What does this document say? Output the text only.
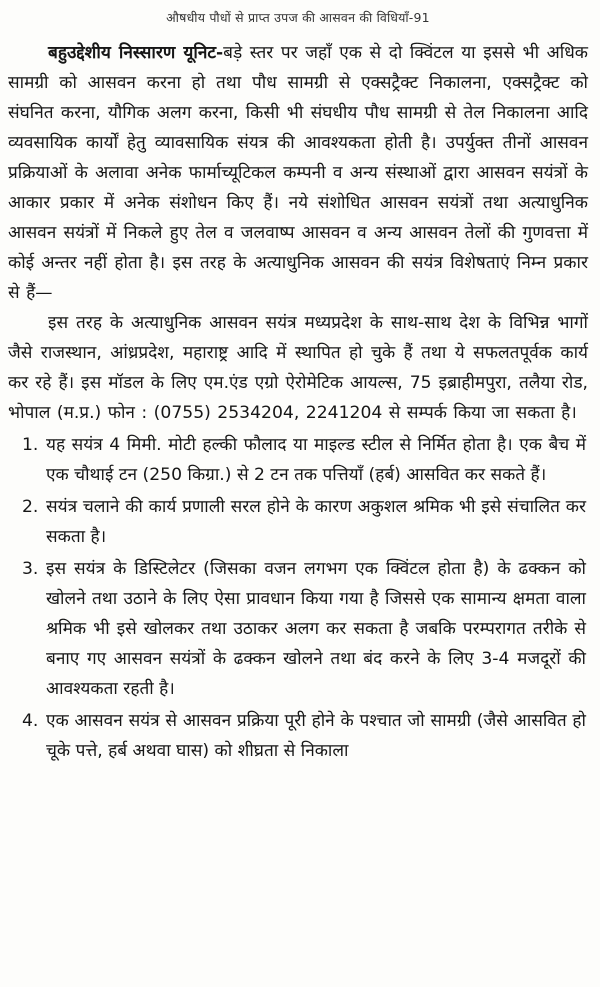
औषधीय पौधों से प्राप्त उपज की आसवन की विधियाँ-91

बहुउद्देशीय निस्सारण यूनिट-बड़े स्तर पर जहाँ एक से दो क्विंटल या इससे भी अधिक सामग्री को आसवन करना हो तथा पौध सामग्री से एक्सट्रैक्ट निकालना, एक्सट्रैक्ट को संघनित करना, यौगिक अलग करना, किसी भी संघधीय पौध सामग्री से तेल निकालना आदि व्यवसायिक कार्यों हेतु व्यावसायिक संयत्र की आवश्यकता होती है। उपर्युक्त तीनों आसवन प्रक्रियाओं के अलावा अनेक फार्माच्यूटिकल कम्पनी व अन्य संस्थाओं द्वारा आसवन सयंत्रों के आकार प्रकार में अनेक संशोधन किए हैं। नये संशोधित आसवन सयंत्रों तथा अत्याधुनिक आसवन सयंत्रों में निकले हुए तेल व जलवाष्प आसवन व अन्य आसवन तेलों की गुणवत्ता में कोई अन्तर नहीं होता है। इस तरह के अत्याधुनिक आसवन की सयंत्र विशेषताएं निम्न प्रकार से हैं—

इस तरह के अत्याधुनिक आसवन सयंत्र मध्यप्रदेश के साथ-साथ देश के विभिन्न भागों जैसे राजस्थान, आंध्रप्रदेश, महाराष्ट्र आदि में स्थापित हो चुके हैं तथा ये सफलतपूर्वक कार्य कर रहे हैं। इस मॉडल के लिए एम.एंड एग्रो ऐरोमेटिक आयल्स, 75 इब्राहीमपुरा, तलैया रोड, भोपाल (म.प्र.) फोन : (0755) 2534204, 2241204 से सम्पर्क किया जा सकता है।

1. यह सयंत्र 4 मिमी. मोटी हल्की फौलाद या माइल्ड स्टील से निर्मित होता है। एक बैच में एक चौथाई टन (250 किग्रा.) से 2 टन तक पत्तियाँ (हर्ब) आसवित कर सकते हैं।
2. सयंत्र चलाने की कार्य प्रणाली सरल होने के कारण अकुशल श्रमिक भी इसे संचालित कर सकता है।
3. इस सयंत्र के डिस्टिलेटर (जिसका वजन लगभग एक क्विंटल होता है) के ढक्कन को खोलने तथा उठाने के लिए ऐसा प्रावधान किया गया है जिससे एक सामान्य क्षमता वाला श्रमिक भी इसे खोलकर तथा उठाकर अलग कर सकता है जबकि परम्परागत तरीके से बनाए गए आसवन सयंत्रों के ढक्कन खोलने तथा बंद करने के लिए 3-4 मजदूरों की आवश्यकता रहती है।
4. एक आसवन सयंत्र से आसवन प्रक्रिया पूरी होने के पश्चात जो सामग्री (जैसे आसवित हो चूके पत्ते, हर्ब अथवा घास) को शीघ्रता से निकाला
